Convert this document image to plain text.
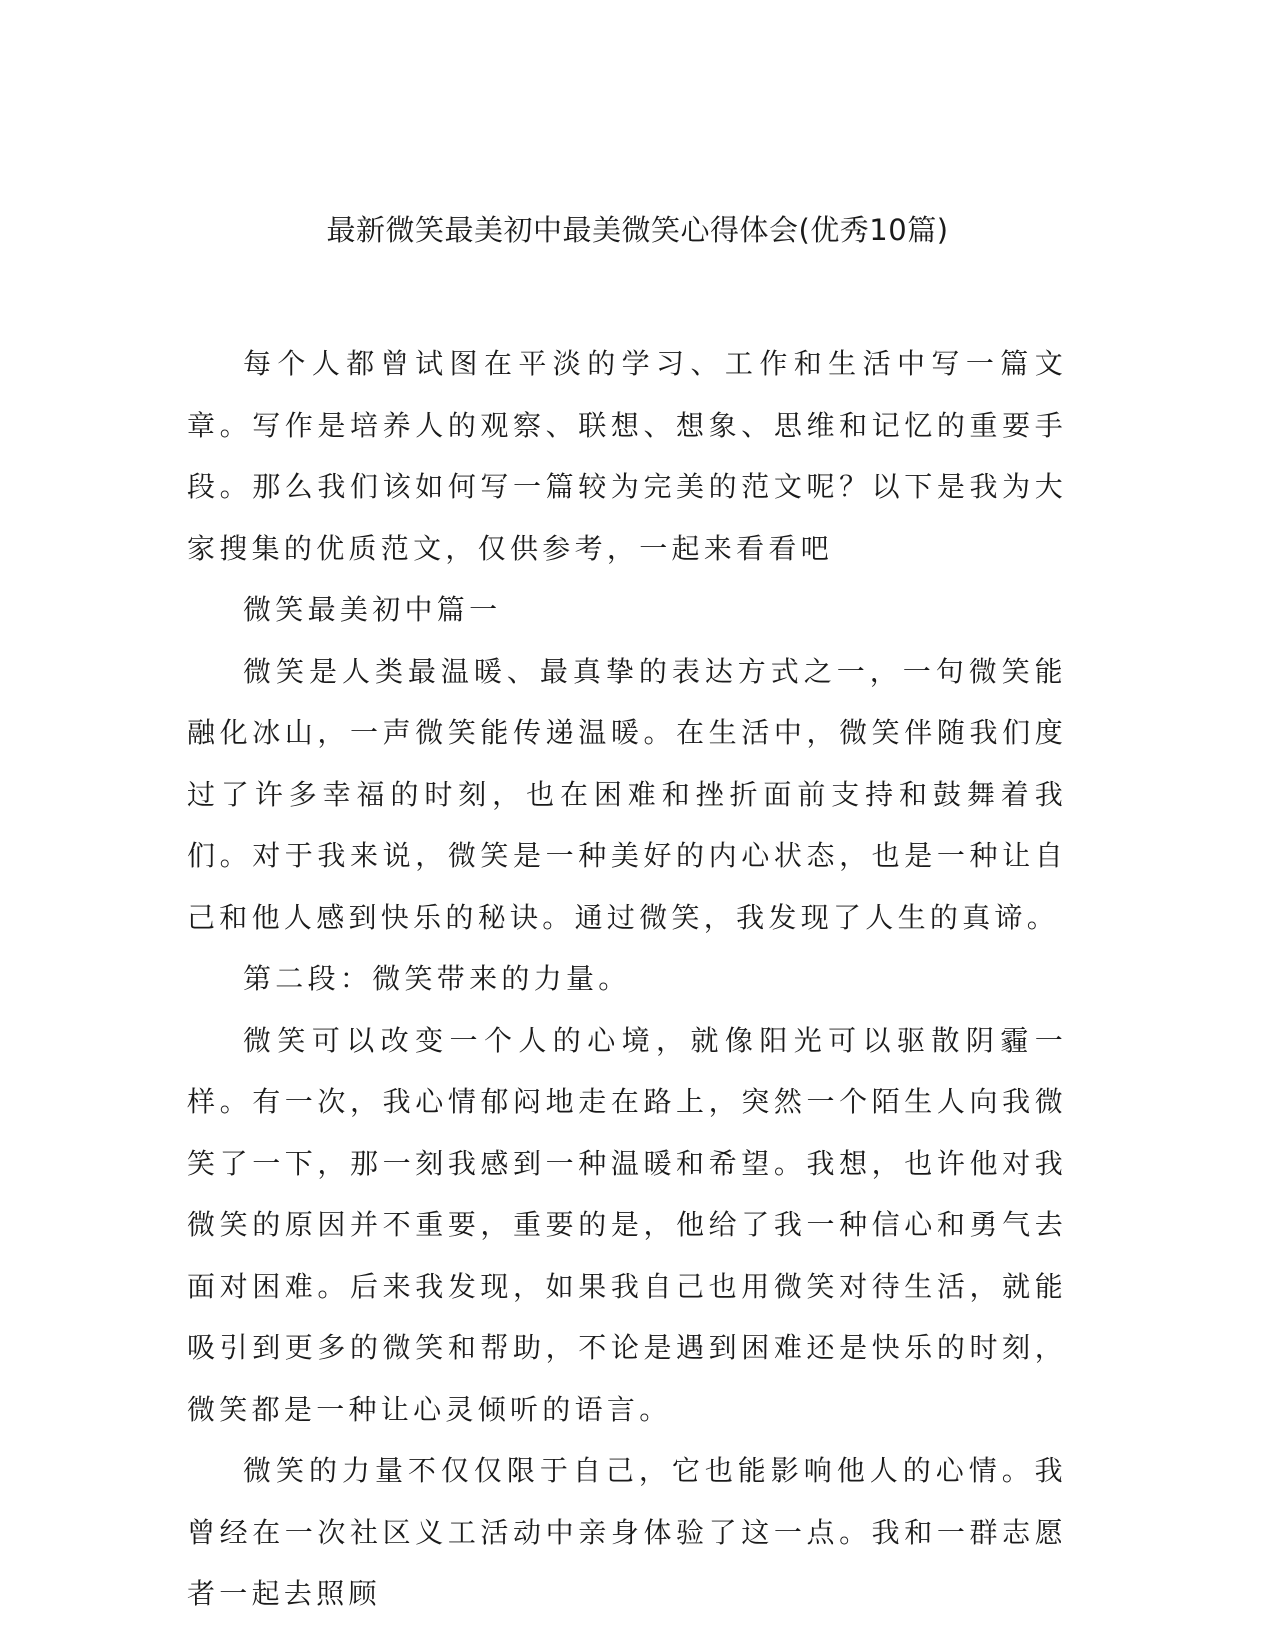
最新微笑最美初中最美微笑心得体会(优秀10篇)

每个人都曾试图在平淡的学习、工作和生活中写一篇文章。写作是培养人的观察、联想、想象、思维和记忆的重要手段。那么我们该如何写一篇较为完美的范文呢？以下是我为大家搜集的优质范文，仅供参考，一起来看看吧

微笑最美初中篇一

微笑是人类最温暖、最真挚的表达方式之一，一句微笑能融化冰山，一声微笑能传递温暖。在生活中，微笑伴随我们度过了许多幸福的时刻，也在困难和挫折面前支持和鼓舞着我们。对于我来说，微笑是一种美好的内心状态，也是一种让自己和他人感到快乐的秘诀。通过微笑，我发现了人生的真谛。

第二段：微笑带来的力量。

微笑可以改变一个人的心境，就像阳光可以驱散阴霾一样。有一次，我心情郁闷地走在路上，突然一个陌生人向我微笑了一下，那一刻我感到一种温暖和希望。我想，也许他对我微笑的原因并不重要，重要的是，他给了我一种信心和勇气去面对困难。后来我发现，如果我自己也用微笑对待生活，就能吸引到更多的微笑和帮助，不论是遇到困难还是快乐的时刻，微笑都是一种让心灵倾听的语言。

微笑的力量不仅仅限于自己，它也能影响他人的心情。我曾经在一次社区义工活动中亲身体验了这一点。我和一群志愿者一起去照顾
